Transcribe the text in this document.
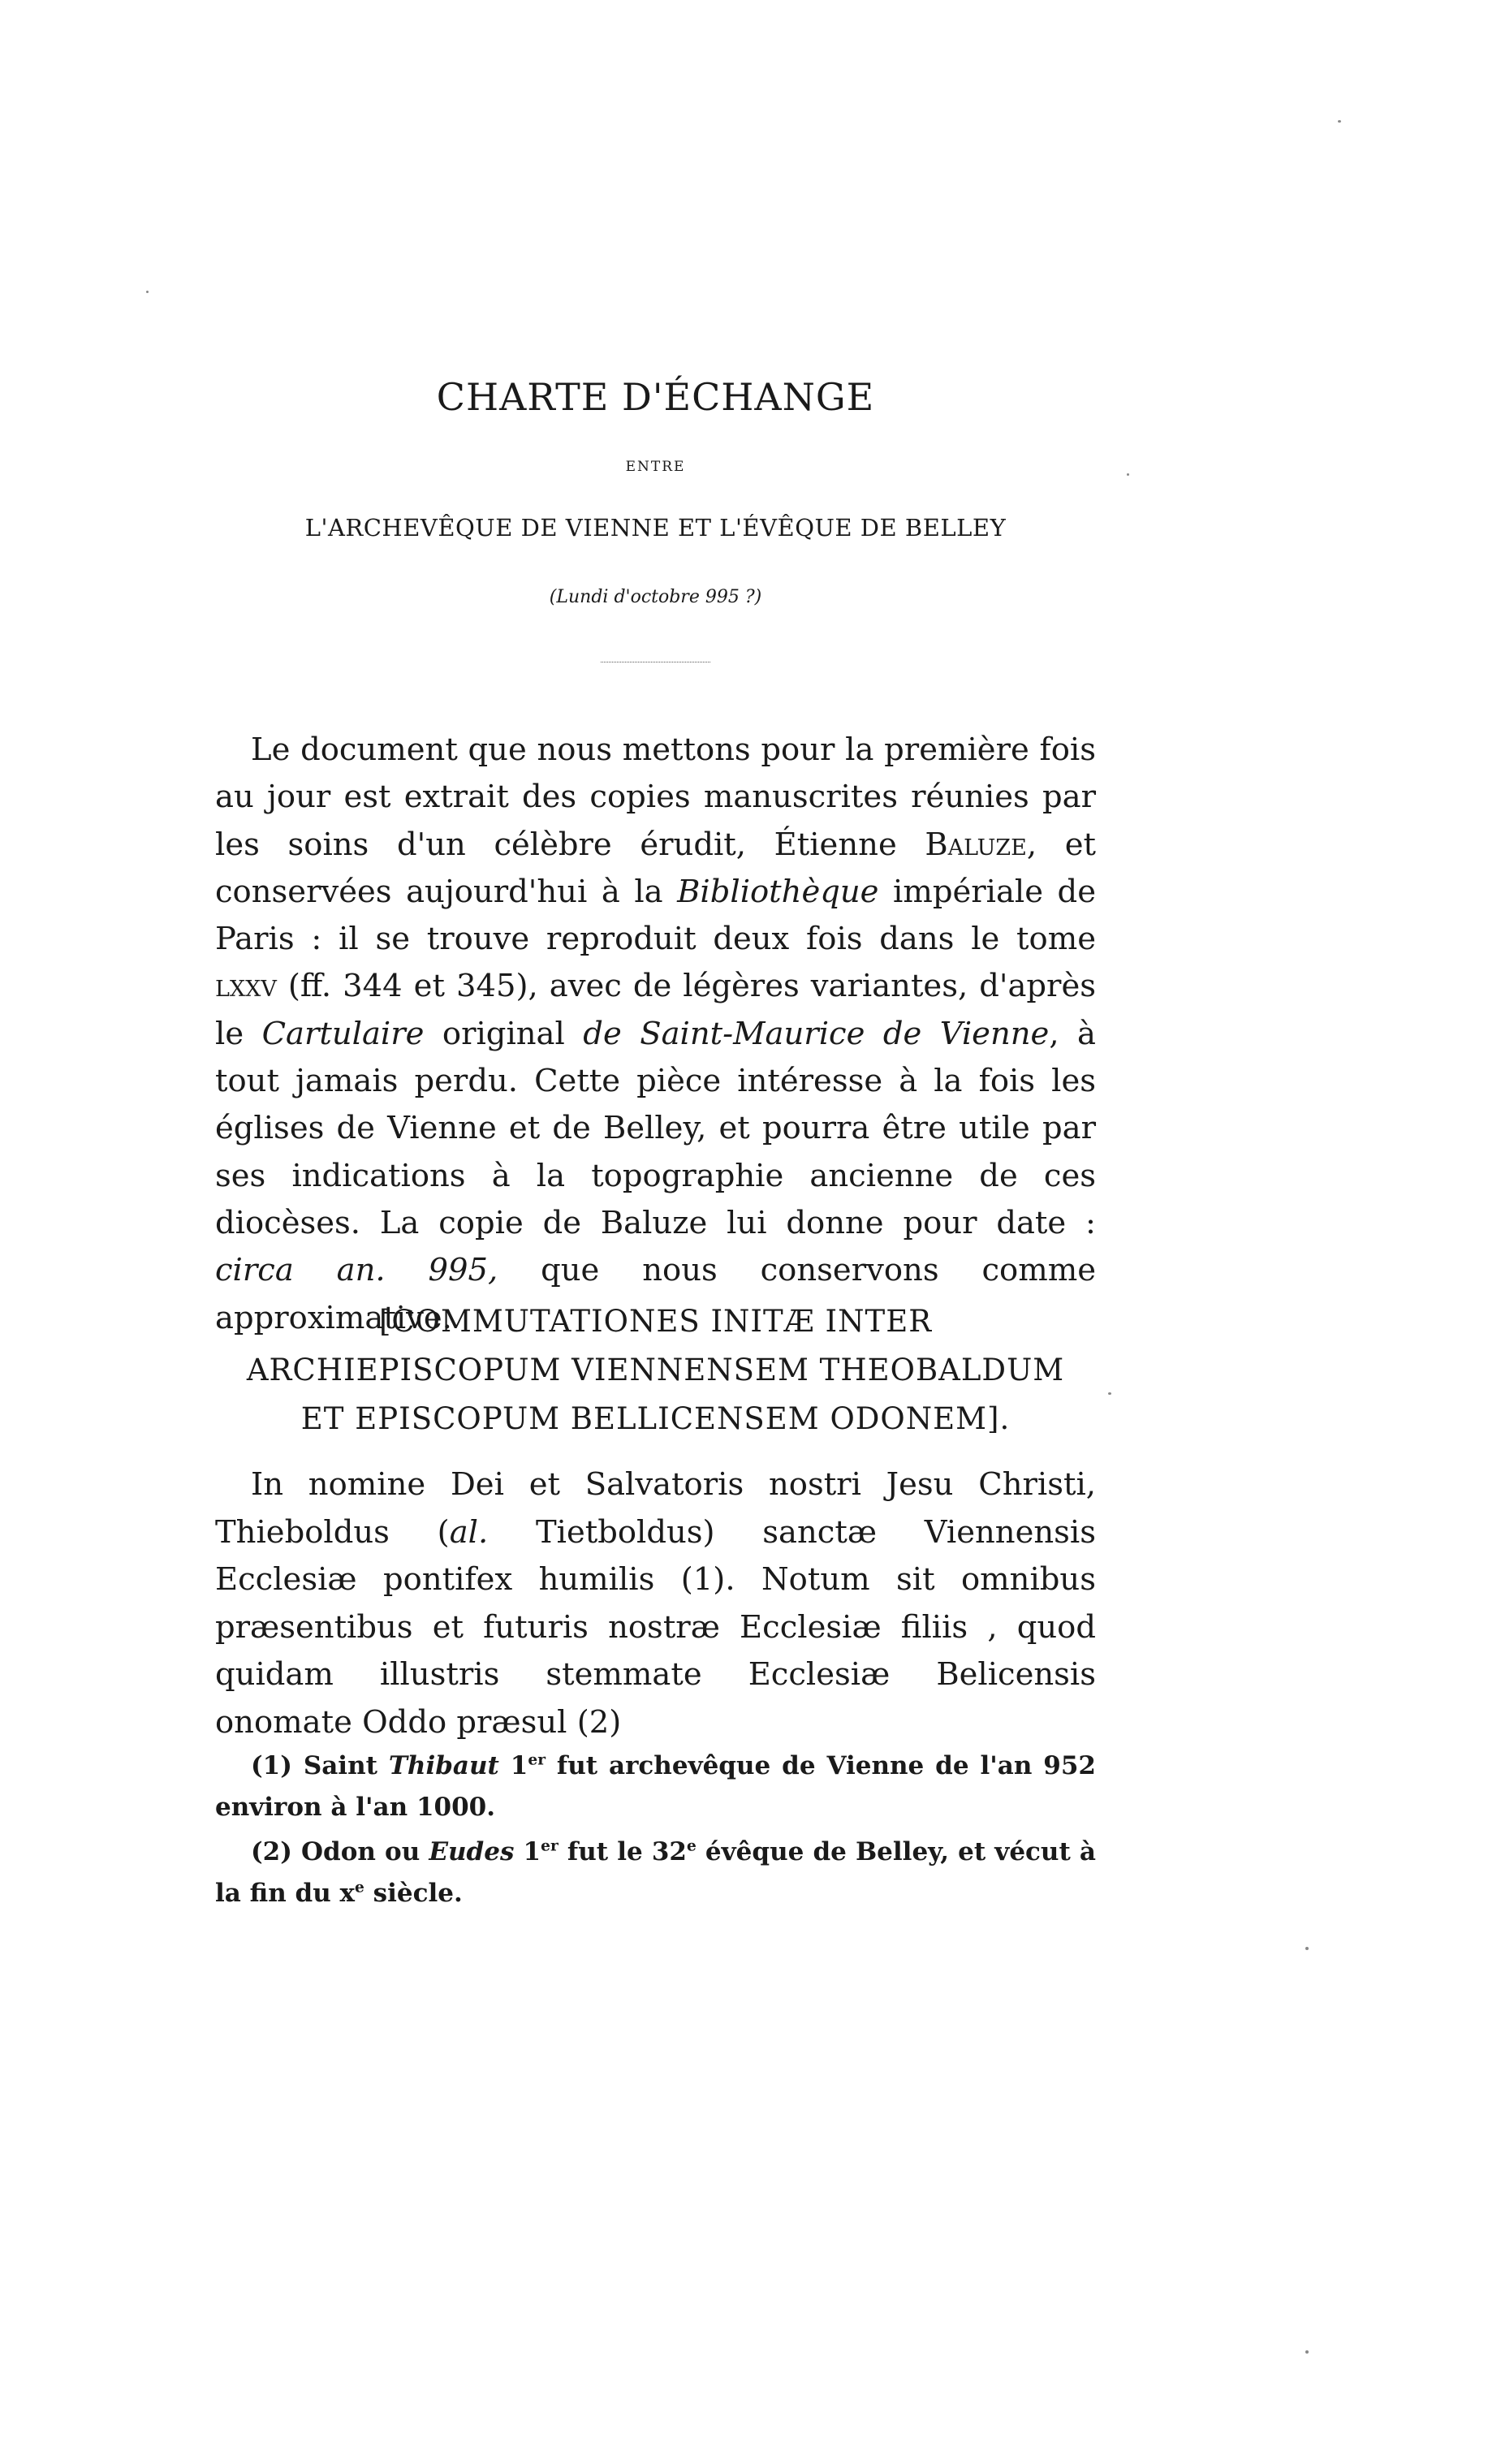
CHARTE D'ÉCHANGE
ENTRE
L'ARCHEVÊQUE DE VIENNE ET L'ÉVÊQUE DE BELLEY
(Lundi d'octobre 995 ?)

Le document que nous mettons pour la première fois au jour est extrait des copies manuscrites réunies par les soins d'un célèbre érudit, Étienne Baluze, et conservées aujourd'hui à la Bibliothèque impériale de Paris : il se trouve reproduit deux fois dans le tome lxxv (ff. 344 et 345), avec de légères variantes, d'après le Cartulaire original de Saint-Maurice de Vienne, à tout jamais perdu. Cette pièce intéresse à la fois les églises de Vienne et de Belley, et pourra être utile par ses indications à la topographie ancienne de ces diocèses. La copie de Baluze lui donne pour date : circa an. 995, que nous conservons comme approximative.

[COMMUTATIONES INITÆ INTER
ARCHIEPISCOPUM VIENNENSEM THEOBALDUM
ET EPISCOPUM BELLICENSEM ODONEM].

In nomine Dei et Salvatoris nostri Jesu Christi, Thieboldus (al. Tietboldus) sanctæ Viennensis Ecclesiæ pontifex humilis (1). Notum sit omnibus præsentibus et futuris nostræ Ecclesiæ filiis , quod quidam illustris stemmate Ecclesiæ Belicensis onomate Oddo præsul (2)

(1) Saint Thibaut 1er fut archevêque de Vienne de l'an 952 environ à l'an 1000.

(2) Odon ou Eudes 1er fut le 32e évêque de Belley, et vécut à la fin du $x^e$ siècle.
